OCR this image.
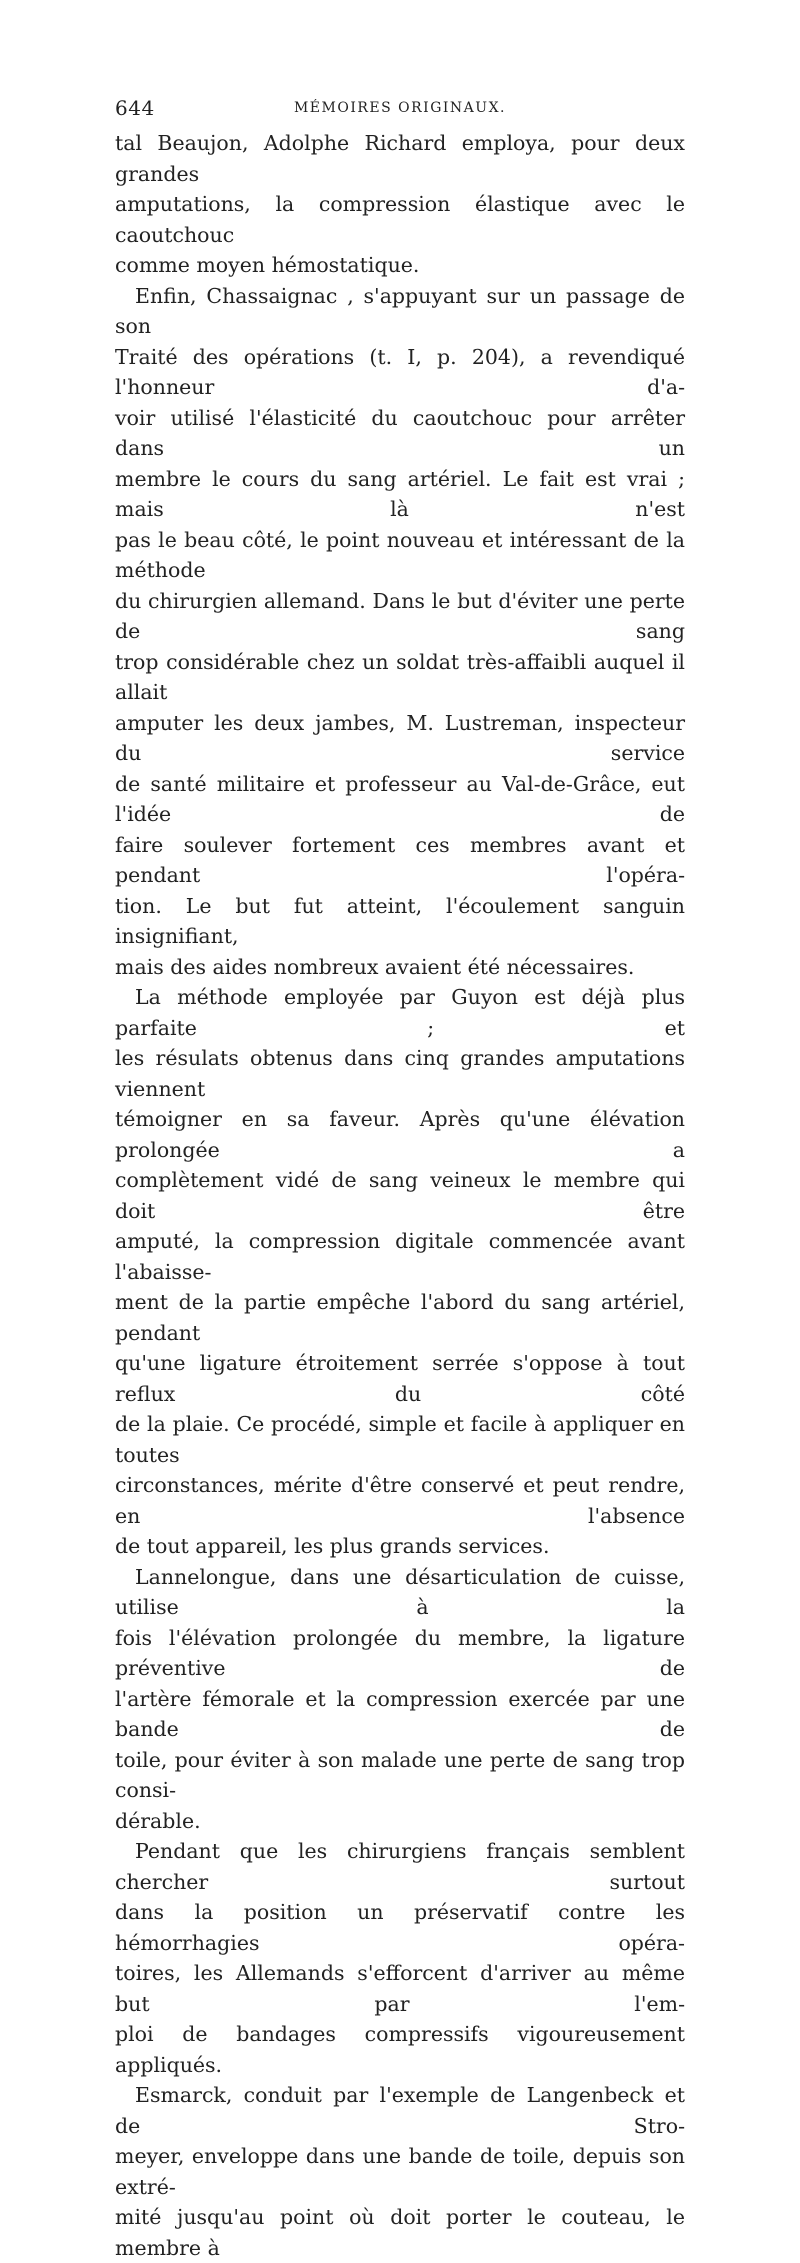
644	MÉMOIRES ORIGINAUX.
tal Beaujon, Adolphe Richard employa, pour deux grandes
amputations, la compression élastique avec le caoutchouc
comme moyen hémostatique.
Enfin, Chassaignac , s'appuyant sur un passage de son
Traité des opérations (t. I, p. 204), a revendiqué l'honneur d'a-
voir utilisé l'élasticité du caoutchouc pour arrêter dans un
membre le cours du sang artériel. Le fait est vrai ; mais là n'est
pas le beau côté, le point nouveau et intéressant de la méthode
du chirurgien allemand. Dans le but d'éviter une perte de sang
trop considérable chez un soldat très-affaibli auquel il allait
amputer les deux jambes, M. Lustreman, inspecteur du service
de santé militaire et professeur au Val-de-Grâce, eut l'idée de
faire soulever fortement ces membres avant et pendant l'opéra-
tion. Le but fut atteint, l'écoulement sanguin insignifiant,
mais des aides nombreux avaient été nécessaires.
La méthode employée par Guyon est déjà plus parfaite ; et
les résulats obtenus dans cinq grandes amputations viennent
témoigner en sa faveur. Après qu'une élévation prolongée a
complètement vidé de sang veineux le membre qui doit être
amputé, la compression digitale commencée avant l'abaisse-
ment de la partie empêche l'abord du sang artériel, pendant
qu'une ligature étroitement serrée s'oppose à tout reflux du côté
de la plaie. Ce procédé, simple et facile à appliquer en toutes
circonstances, mérite d'être conservé et peut rendre, en l'absence
de tout appareil, les plus grands services.
Lannelongue, dans une désarticulation de cuisse, utilise à la
fois l'élévation prolongée du membre, la ligature préventive de
l'artère fémorale et la compression exercée par une bande de
toile, pour éviter à son malade une perte de sang trop consi-
dérable.
Pendant que les chirurgiens français semblent chercher surtout
dans la position un préservatif contre les hémorrhagies opéra-
toires, les Allemands s'efforcent d'arriver au même but par l'em-
ploi de bandages compressifs vigoureusement appliqués.
Esmarck, conduit par l'exemple de Langenbeck et de Stro-
meyer, enveloppe dans une bande de toile, depuis son extré-
mité jusqu'au point où doit porter le couteau, le membre à
